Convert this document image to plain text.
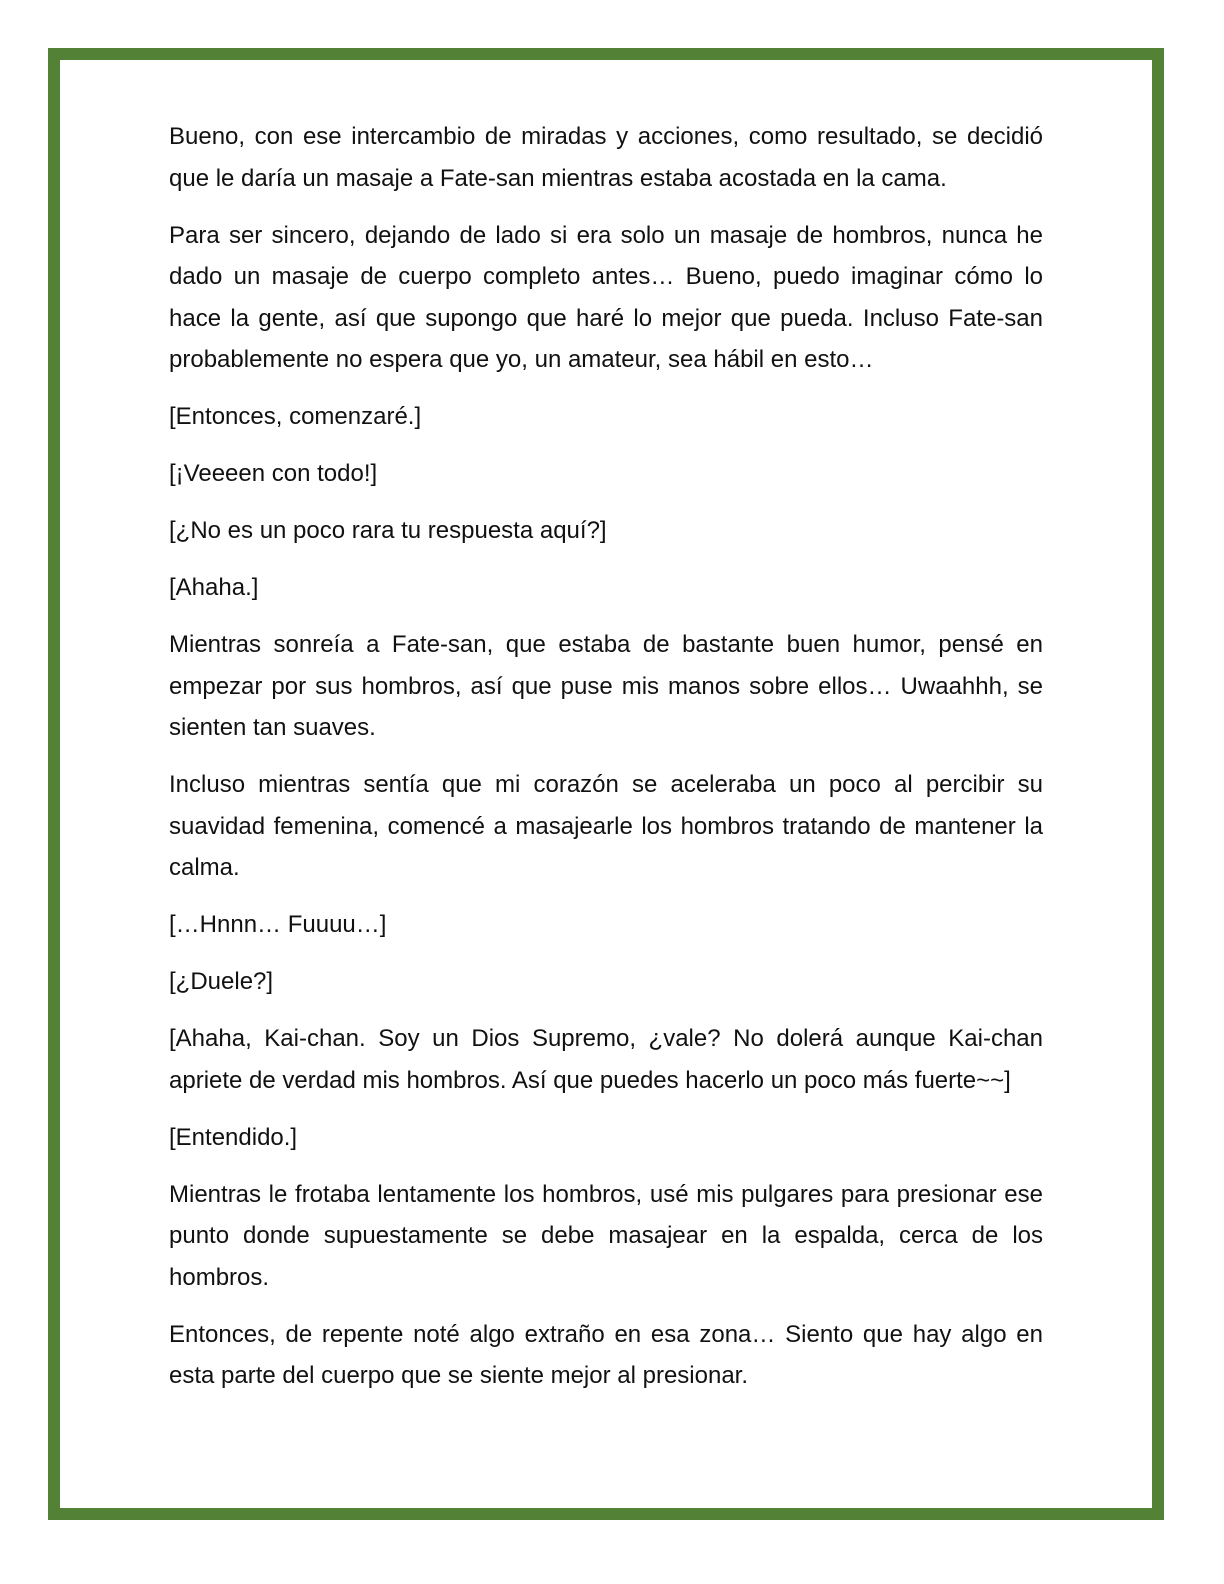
Bueno, con ese intercambio de miradas y acciones, como resultado, se decidió que le daría un masaje a Fate-san mientras estaba acostada en la cama.

Para ser sincero, dejando de lado si era solo un masaje de hombros, nunca he dado un masaje de cuerpo completo antes… Bueno, puedo imaginar cómo lo hace la gente, así que supongo que haré lo mejor que pueda. Incluso Fate-san probablemente no espera que yo, un amateur, sea hábil en esto…

[Entonces, comenzaré.]

[¡Veeeen con todo!]

[¿No es un poco rara tu respuesta aquí?]

[Ahaha.]

Mientras sonreía a Fate-san, que estaba de bastante buen humor, pensé en empezar por sus hombros, así que puse mis manos sobre ellos… Uwaahhh, se sienten tan suaves.

Incluso mientras sentía que mi corazón se aceleraba un poco al percibir su suavidad femenina, comencé a masajearle los hombros tratando de mantener la calma.

[…Hnnn… Fuuuu…]

[¿Duele?]

[Ahaha, Kai-chan. Soy un Dios Supremo, ¿vale? No dolerá aunque Kai-chan apriete de verdad mis hombros. Así que puedes hacerlo un poco más fuerte~~]

[Entendido.]

Mientras le frotaba lentamente los hombros, usé mis pulgares para presionar ese punto donde supuestamente se debe masajear en la espalda, cerca de los hombros.

Entonces, de repente noté algo extraño en esa zona… Siento que hay algo en esta parte del cuerpo que se siente mejor al presionar.
